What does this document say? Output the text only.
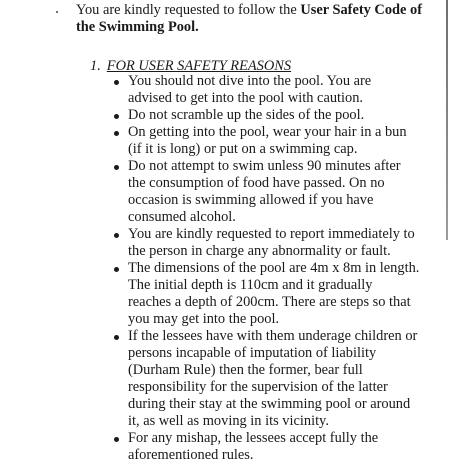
You are kindly requested to follow the User Safety Code of
the Swimming Pool.
1. FOR USER SAFETY REASONS
You should not dive into the pool. You are
advised to get into the pool with caution.
Do not scramble up the sides of the pool.
On getting into the pool, wear your hair in a bun
(if it is long) or put on a swimming cap.
Do not attempt to swim unless 90 minutes after
the consumption of food have passed. On no
occasion is swimming allowed if you have
consumed alcohol.
You are kindly requested to report immediately to
the person in charge any abnormality or fault.
The dimensions of the pool are 4m x 8m in length.
The initial depth is 110cm and it gradually
reaches a depth of 200cm. There are steps so that
you may get into the pool.
If the lessees have with them underage children or
persons incapable of imputation of liability
(Durham Rule) then the former, bear full
responsibility for the supervision of the latter
during their stay at the swimming pool or around
it, as well as moving in its vicinity.
For any mishap, the lessees accept fully the
aforementioned rules.
